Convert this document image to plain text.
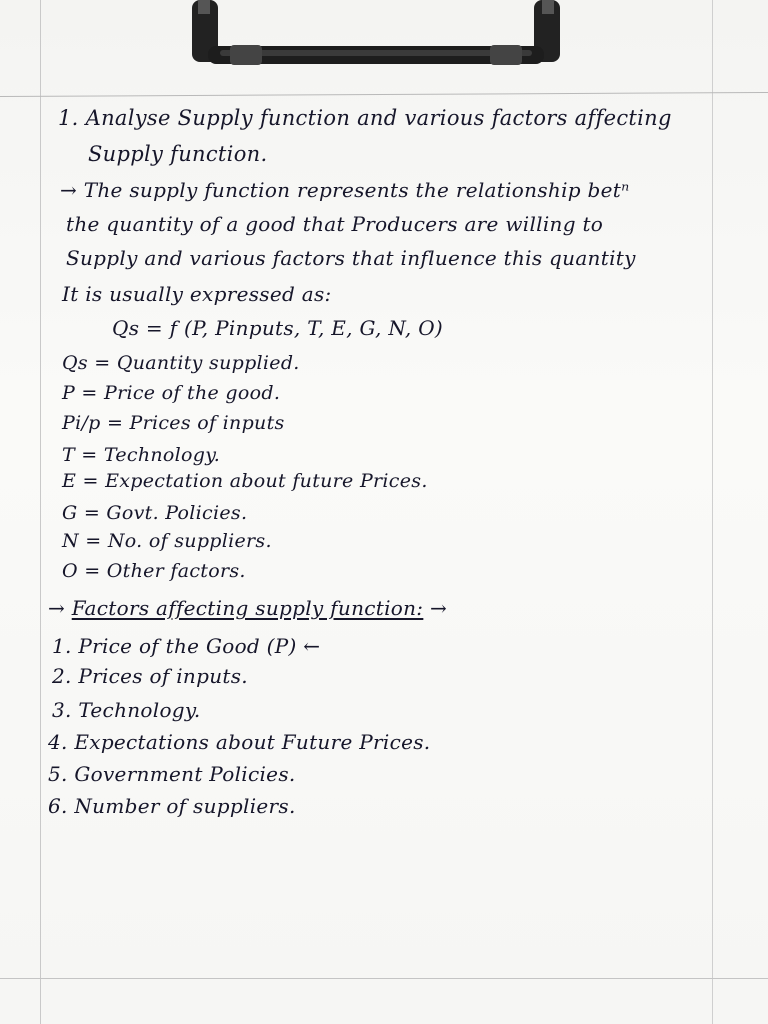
1. Analyse Supply function and various factors affecting
Supply function.
→ The supply function represents the relationship betⁿ
the quantity of a good that Producers are willing to
Supply and various factors that influence this quantity
It is usually expressed as:
Qs = f (P, Pinputs, T, E, G, N, O)
Qs = Quantity supplied.
P = Price of the good.
Pi/p = Prices of inputs
T = Technology.
E = Expectation about future Prices.
G = Govt. Policies.
N = No. of suppliers.
O = Other factors.
→ Factors affecting supply function: →
1. Price of the Good (P) ←
2. Prices of inputs.
3. Technology.
4. Expectations about Future Prices.
5. Government Policies.
6. Number of suppliers.
